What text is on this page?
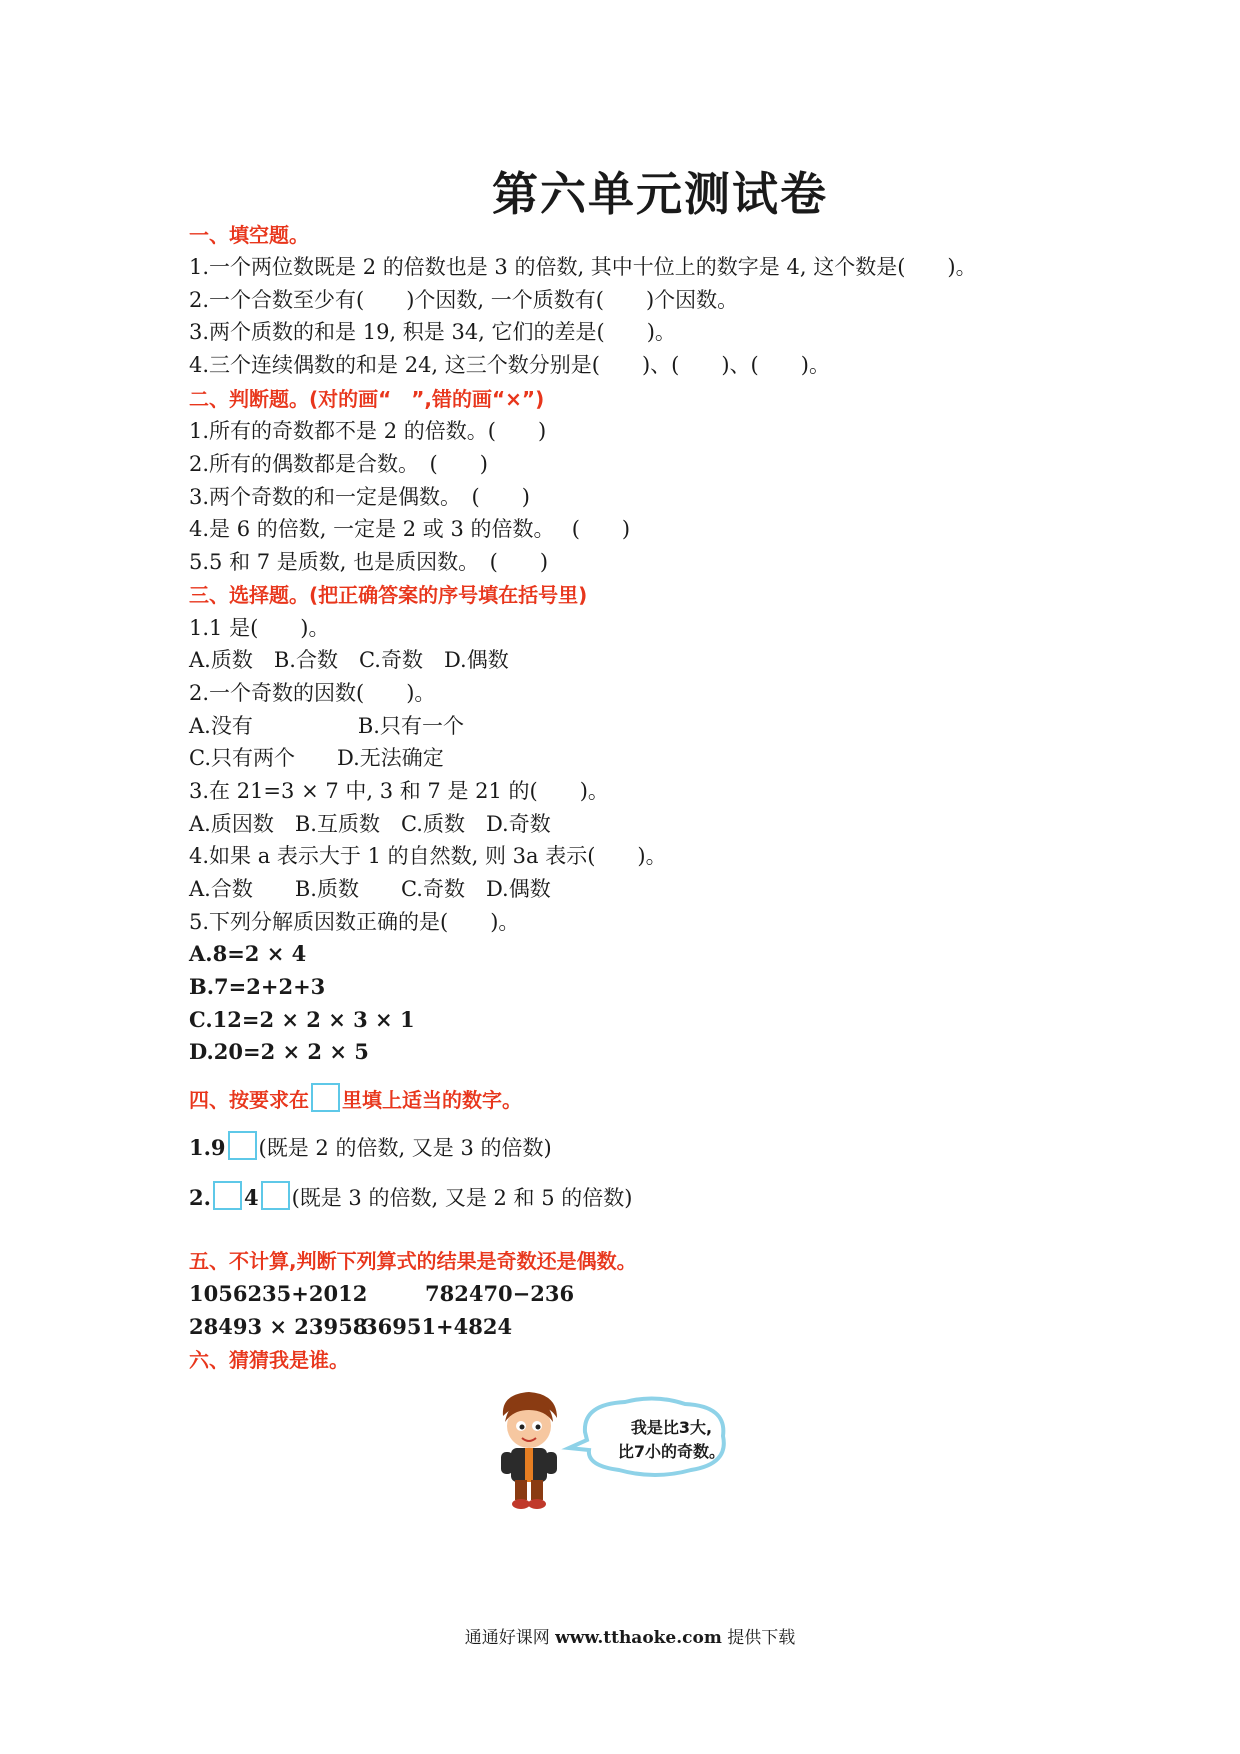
第六单元测试卷
一、填空题。
1.一个两位数既是 2 的倍数也是 3 的倍数, 其中十位上的数字是 4, 这个数是(　　)。
2.一个合数至少有(　　)个因数, 一个质数有(　　)个因数。
3.两个质数的和是 19, 积是 34, 它们的差是(　　)。
4.三个连续偶数的和是 24, 这三个数分别是(　　)、(　　)、(　　)。
二、判断题。(对的画“　”,错的画“×”)
1.所有的奇数都不是 2 的倍数。(　　)
2.所有的偶数都是合数。　(　　)
3.两个奇数的和一定是偶数。　(　　)
4.是 6 的倍数, 一定是 2 或 3 的倍数。　 (　　)
5.5 和 7 是质数, 也是质因数。　(　　)
三、选择题。(把正确答案的序号填在括号里)
1.1 是(　　)。
A.质数　B.合数　C.奇数　D.偶数
2.一个奇数的因数(　　)。
A.没有　　　　　B.只有一个
C.只有两个　　D.无法确定
3.在 21=3 × 7 中, 3 和 7 是 21 的(　　)。
A.质因数　B.互质数　C.质数　D.奇数
4.如果 a 表示大于 1 的自然数, 则 3a 表示(　　)。
A.合数　　B.质数　　C.奇数　D.偶数
5.下列分解质因数正确的是(　　)。
A.8=2 × 4
B.7=2+2+3
C.12=2 × 2 × 3 × 1
D.20=2 × 2 × 5
四、按要求在 里填上适当的数字。
1.9 (既是 2 的倍数, 又是 3 的倍数)
2. 4 (既是 3 的倍数, 又是 2 和 5 的倍数)
五、不计算,判断下列算式的结果是奇数还是偶数。
1056235+2012	782470−236
28493 × 23958
36951+4824
六、猜猜我是谁。
我是比3大,
比7小的奇数。
通通好课网 www.tthaoke.com 提供下载
